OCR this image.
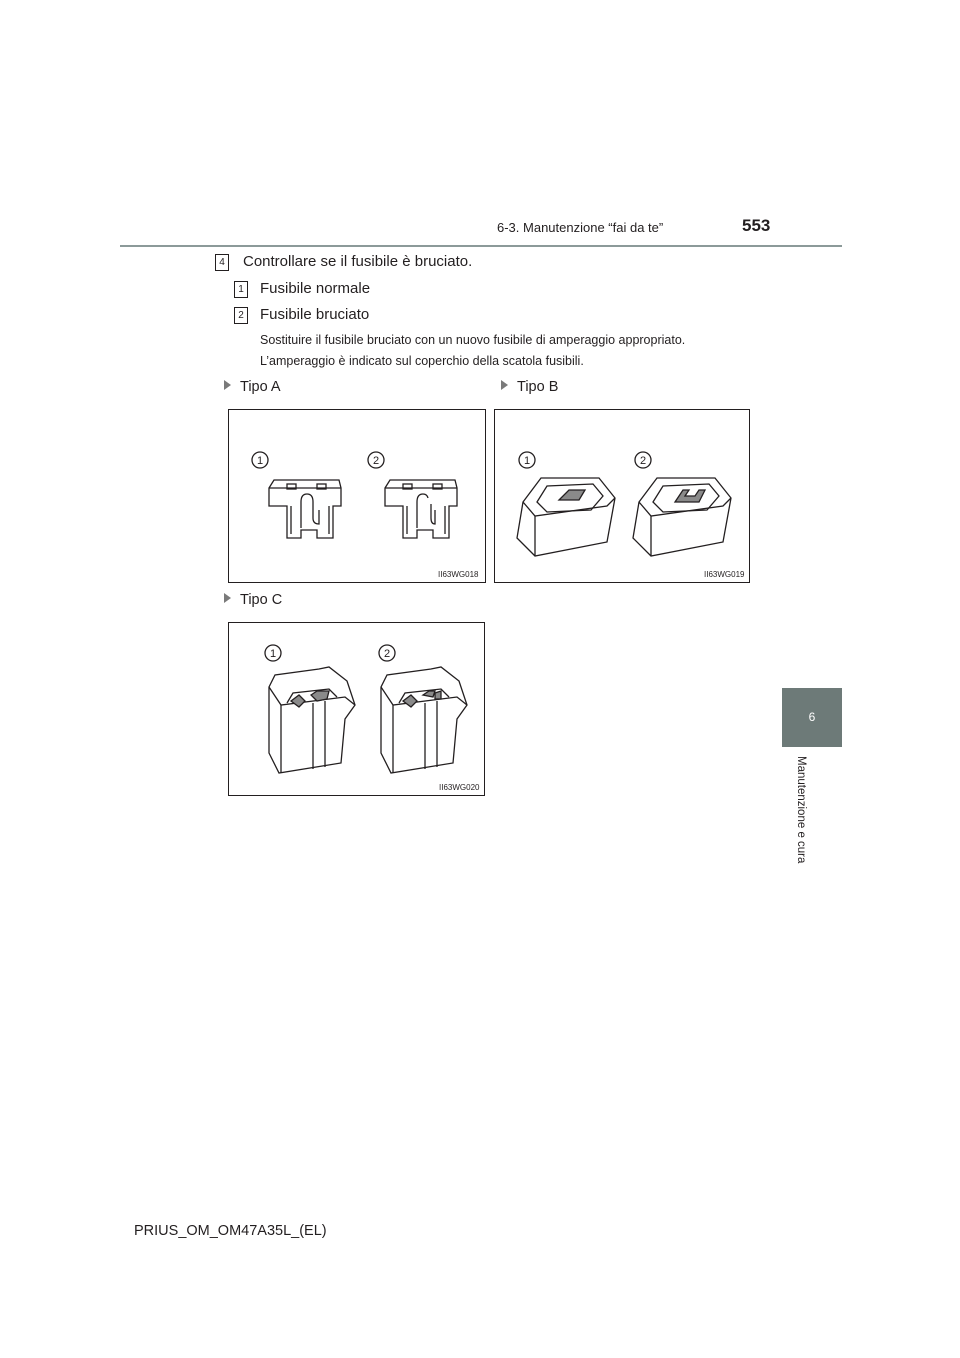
6-3. Manutenzione “fai da te”	553
4 Controllare se il fusibile è bruciato.
1 Fusibile normale
2 Fusibile bruciato
Sostituire il fusibile bruciato con un nuovo fusibile di amperaggio appropriato.
L’amperaggio è indicato sul coperchio della scatola fusibili.
Tipo A	Tipo B
Tipo C
1	2
II63WG018
1	2
II63WG019
1	2
II63WG020
6
Manutenzione e cura
PRIUS_OM_OM47A35L_(EL)
